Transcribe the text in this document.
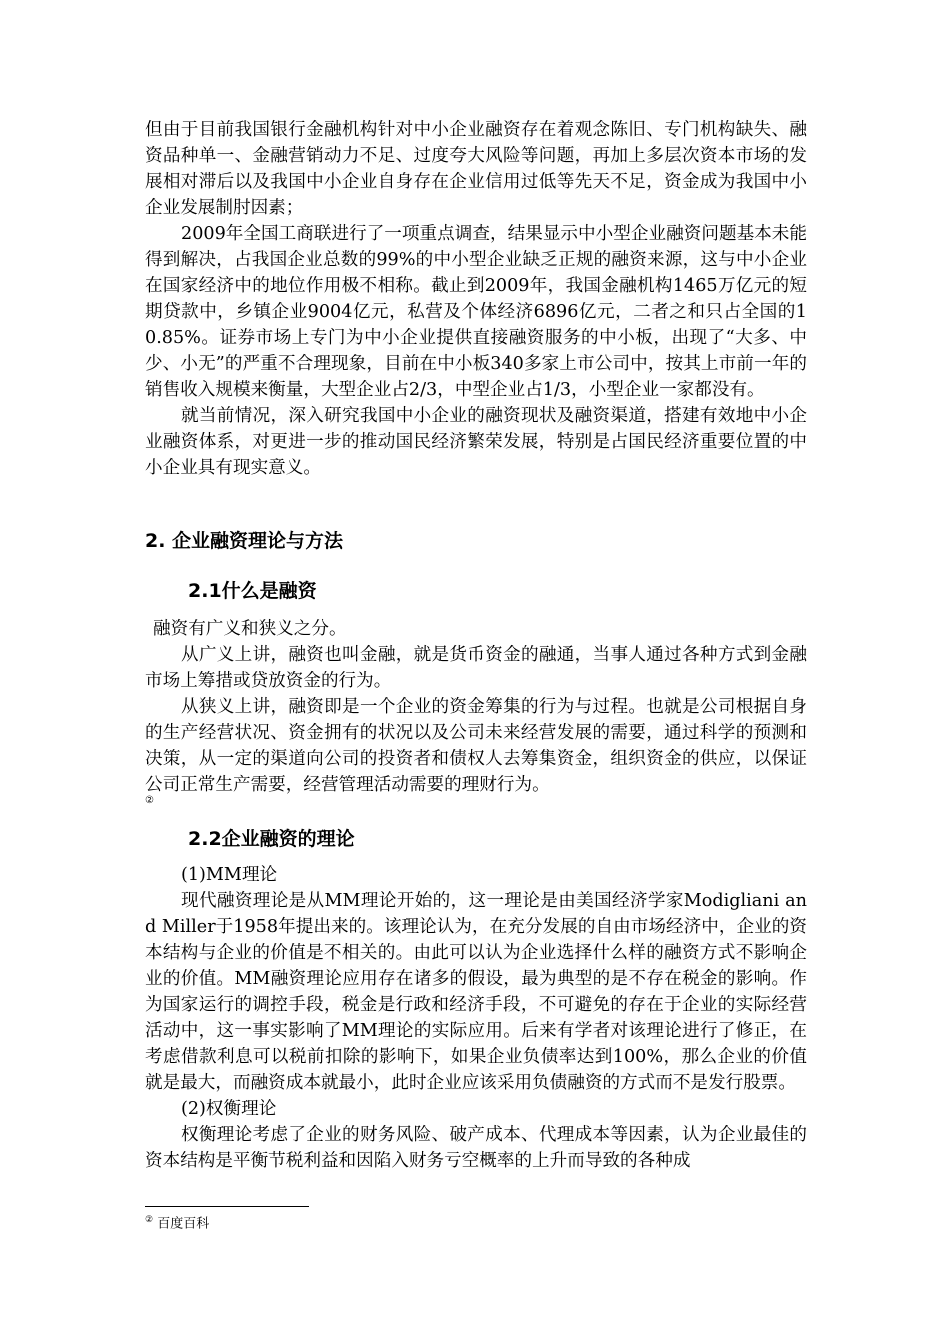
但由于目前我国银行金融机构针对中小企业融资存在着观念陈旧、专门机构缺失、融资品种单一、金融营销动力不足、过度夸大风险等问题，再加上多层次资本市场的发展相对滞后以及我国中小企业自身存在企业信用过低等先天不足，资金成为我国中小企业发展制肘因素；

2009年全国工商联进行了一项重点调查，结果显示中小型企业融资问题基本未能得到解决，占我国企业总数的99%的中小型企业缺乏正规的融资来源，这与中小企业在国家经济中的地位作用极不相称。截止到2009年，我国金融机构1465万亿元的短期贷款中，乡镇企业9004亿元，私营及个体经济6896亿元，二者之和只占全国的10.85%。证券市场上专门为中小企业提供直接融资服务的中小板，出现了“大多、中少、小无”的严重不合理现象，目前在中小板340多家上市公司中，按其上市前一年的销售收入规模来衡量，大型企业占2/3，中型企业占1/3，小型企业一家都没有。

就当前情况，深入研究我国中小企业的融资现状及融资渠道，搭建有效地中小企业融资体系，对更进一步的推动国民经济繁荣发展，特别是占国民经济重要位置的中小企业具有现实意义。

2. 企业融资理论与方法
2.1什么是融资

融资有广义和狭义之分。

从广义上讲，融资也叫金融，就是货币资金的融通，当事人通过各种方式到金融市场上筹措或贷放资金的行为。

从狭义上讲，融资即是一个企业的资金筹集的行为与过程。也就是公司根据自身的生产经营状况、资金拥有的状况以及公司未来经营发展的需要，通过科学的预测和决策，从一定的渠道向公司的投资者和债权人去筹集资金，组织资金的供应，以保证公司正常生产需要，经营管理活动需要的理财行为。

②
2.2企业融资的理论

(1)MM理论

现代融资理论是从MM理论开始的，这一理论是由美国经济学家Modigliani and Miller于1958年提出来的。该理论认为，在充分发展的自由市场经济中，企业的资本结构与企业的价值是不相关的。由此可以认为企业选择什么样的融资方式不影响企业的价值。MM融资理论应用存在诸多的假设，最为典型的是不存在税金的影响。作为国家运行的调控手段，税金是行政和经济手段，不可避免的存在于企业的实际经营活动中，这一事实影响了MM理论的实际应用。后来有学者对该理论进行了修正，在考虑借款利息可以税前扣除的影响下，如果企业负债率达到100%，那么企业的价值就是最大，而融资成本就最小，此时企业应该采用负债融资的方式而不是发行股票。

(2)权衡理论

权衡理论考虑了企业的财务风险、破产成本、代理成本等因素，认为企业最佳的资本结构是平衡节税利益和因陷入财务亏空概率的上升而导致的各种成

② 百度百科
